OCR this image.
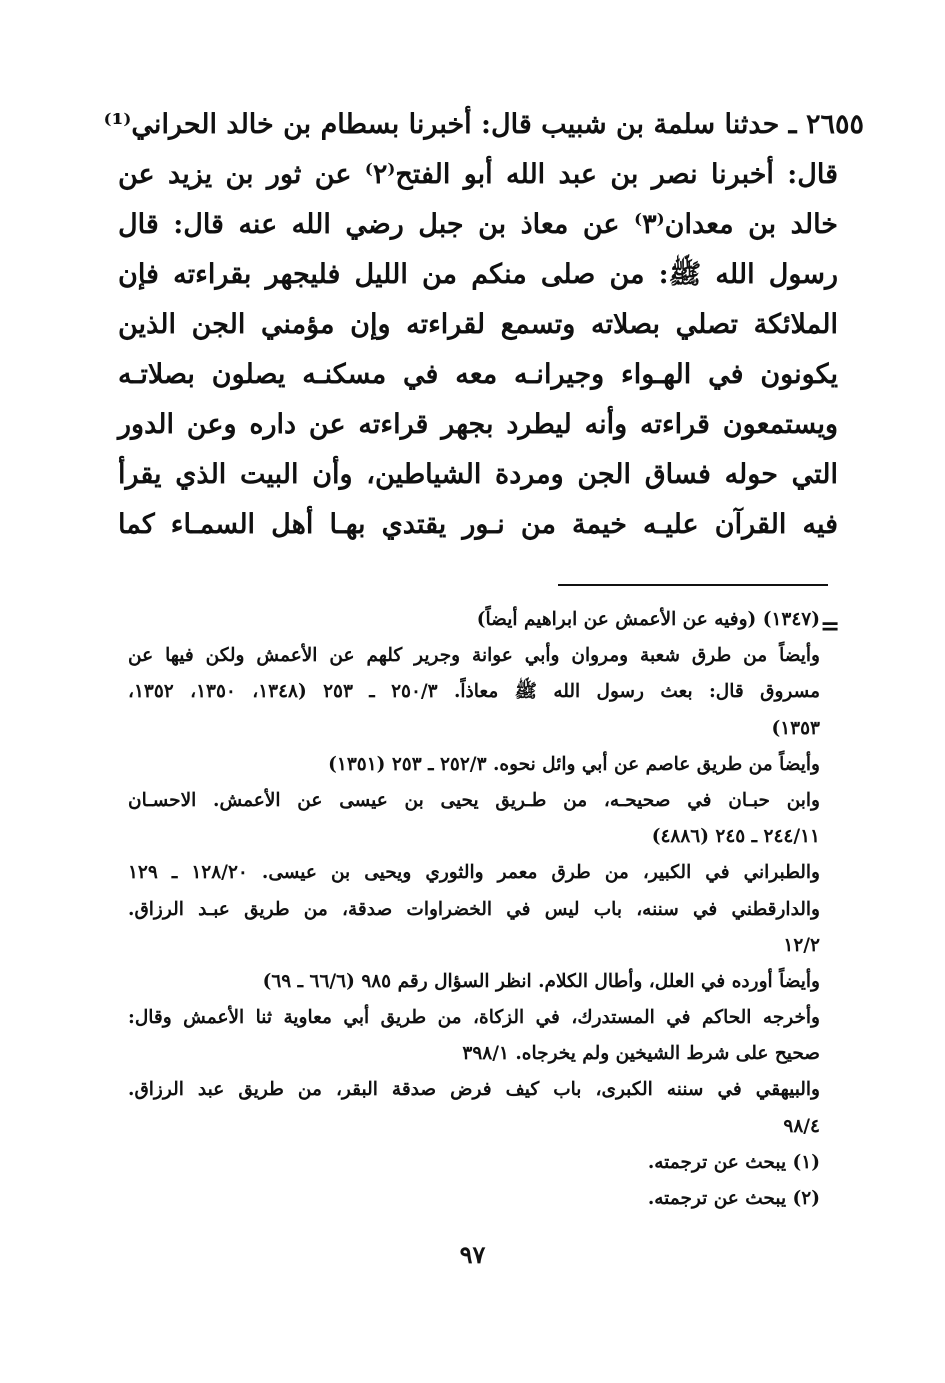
٢٦٥٥ ـ حدثنا سلمة بن شبيب قال: أخبرنا بسطام بن خالد الحراني⁽¹⁾
قال: أخبرنا نصر بن عبد الله أبو الفتح⁽٢⁾ عن ثور بن يزيد عن
خالد بن معدان⁽٣⁾ عن معاذ بن جبل رضي الله عنه قال: قال
رسول الله ﷺ: من صلى منكم من الليل فليجهر بقراءته فإن
الملائكة تصلي بصلاته وتسمع لقراءته وإن مؤمني الجن الذين
يكونون في الهـواء وجيرانـه معه في مسكنـه يصلون بصلاتـه
ويستمعون قراءته وأنه ليطرد بجهر قراءته عن داره وعن الدور
التي حوله فساق الجن ومردة الشياطين، وأن البيت الذي يقرأ
فيه القرآن عليـه خيمة من نـور يقتدي بهـا أهل السمـاء كما
=
(١٣٤٧) (وفيه عن الأعمش عن ابراهيم أيضاً)
وأيضاً من طرق شعبة ومروان وأبي عوانة وجرير كلهم عن الأعمش ولكن فيها عن
مسروق قال: بعث رسول الله ﷺ معاذاً. ٢٥٠/٣ ـ ٢٥٣ (١٣٤٨، ١٣٥٠، ١٣٥٢،
١٣٥٣)
وأيضاً من طريق عاصم عن أبي وائل نحوه. ٢٥٢/٣ ـ ٢٥٣ (١٣٥١)
وابن حبـان في صحيحـه، من طـريق يحيى بن عيسى عن الأعمش. الاحسـان
٢٤٤/١١ ـ ٢٤٥ (٤٨٨٦)
والطبراني في الكبير، من طرق معمر والثوري ويحيى بن عيسى. ١٢٨/٢٠ ـ ١٢٩
والدارقطني في سننه، باب ليس في الخضراوات صدقة، من طريق عبـد الرزاق.
١٢/٢
وأيضاً أورده في العلل، وأطال الكلام. انظر السؤال رقم ٩٨٥ (٦٦/٦ ـ ٦٩)
وأخرجه الحاكم في المستدرك، في الزكاة، من طريق أبي معاوية ثنا الأعمش وقال:
صحيح على شرط الشيخين ولم يخرجاه. ٣٩٨/١
والبيهقي في سننه الكبرى، باب كيف فرض صدقة البقر، من طريق عبد الرزاق.
٩٨/٤
(١) يبحث عن ترجمته.
(٢) يبحث عن ترجمته.
٩٧
